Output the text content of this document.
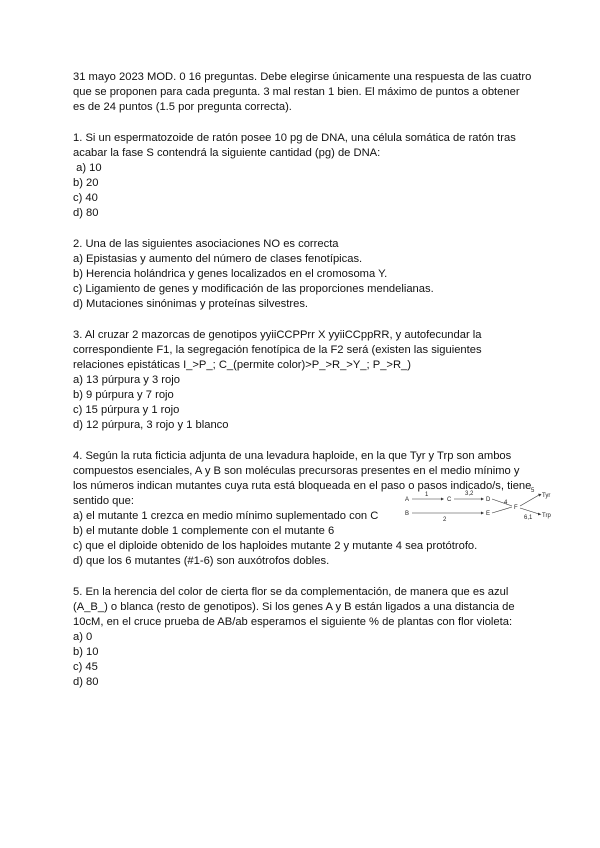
31 mayo 2023 MOD. 0 16 preguntas. Debe elegirse únicamente una respuesta de las cuatro
que se proponen para cada pregunta. 3 mal restan 1 bien. El máximo de puntos a obtener
es de 24 puntos (1.5 por pregunta correcta).
1. Si un espermatozoide de ratón posee 10 pg de DNA, una célula somática de ratón tras
acabar la fase S contendrá la siguiente cantidad (pg) de DNA:
a) 10
b) 20
c) 40
d) 80
2. Una de las siguientes asociaciones NO es correcta
a) Epistasias y aumento del número de clases fenotípicas.
b) Herencia holándrica y genes localizados en el cromosoma Y.
c) Ligamiento de genes y modificación de las proporciones mendelianas.
d) Mutaciones sinónimas y proteínas silvestres.
3. Al cruzar 2 mazorcas de genotipos yyiiCCPPrr X yyiiCCppRR, y autofecundar la
correspondiente F1, la segregación fenotípica de la F2 será (existen las siguientes
relaciones epistáticas I_>P_; C_(permite color)>P_>R_>Y_; P_>R_)
a) 13 púrpura y 3 rojo
b) 9 púrpura y 7 rojo
c) 15 púrpura y 1 rojo
d) 12 púrpura, 3 rojo y 1 blanco
4. Según la ruta ficticia adjunta de una levadura haploide, en la que Tyr y Trp son ambos
compuestos esenciales, A y B son moléculas precursoras presentes en el medio mínimo y
los números indican mutantes cuya ruta está bloqueada en el paso o pasos indicado/s, tiene
sentido que:
a) el mutante 1 crezca en medio mínimo suplementado con C
b) el mutante doble 1 complemente con el mutante 6
c) que el diploide obtenido de los haploides mutante 2 y mutante 4 sea protótrofo.
d) que los 6 mutantes (#1-6) son auxótrofos dobles.
A
1
C
3,2
D
B
2
E
4
F
5
Tyr
6,1 Trp
5. En la herencia del color de cierta flor se da complementación, de manera que es azul
(A_B_) o blanca (resto de genotipos). Si los genes A y B están ligados a una distancia de
10cM, en el cruce prueba de AB/ab esperamos el siguiente % de plantas con flor violeta:
a) 0
b) 10
c) 45
d) 80
